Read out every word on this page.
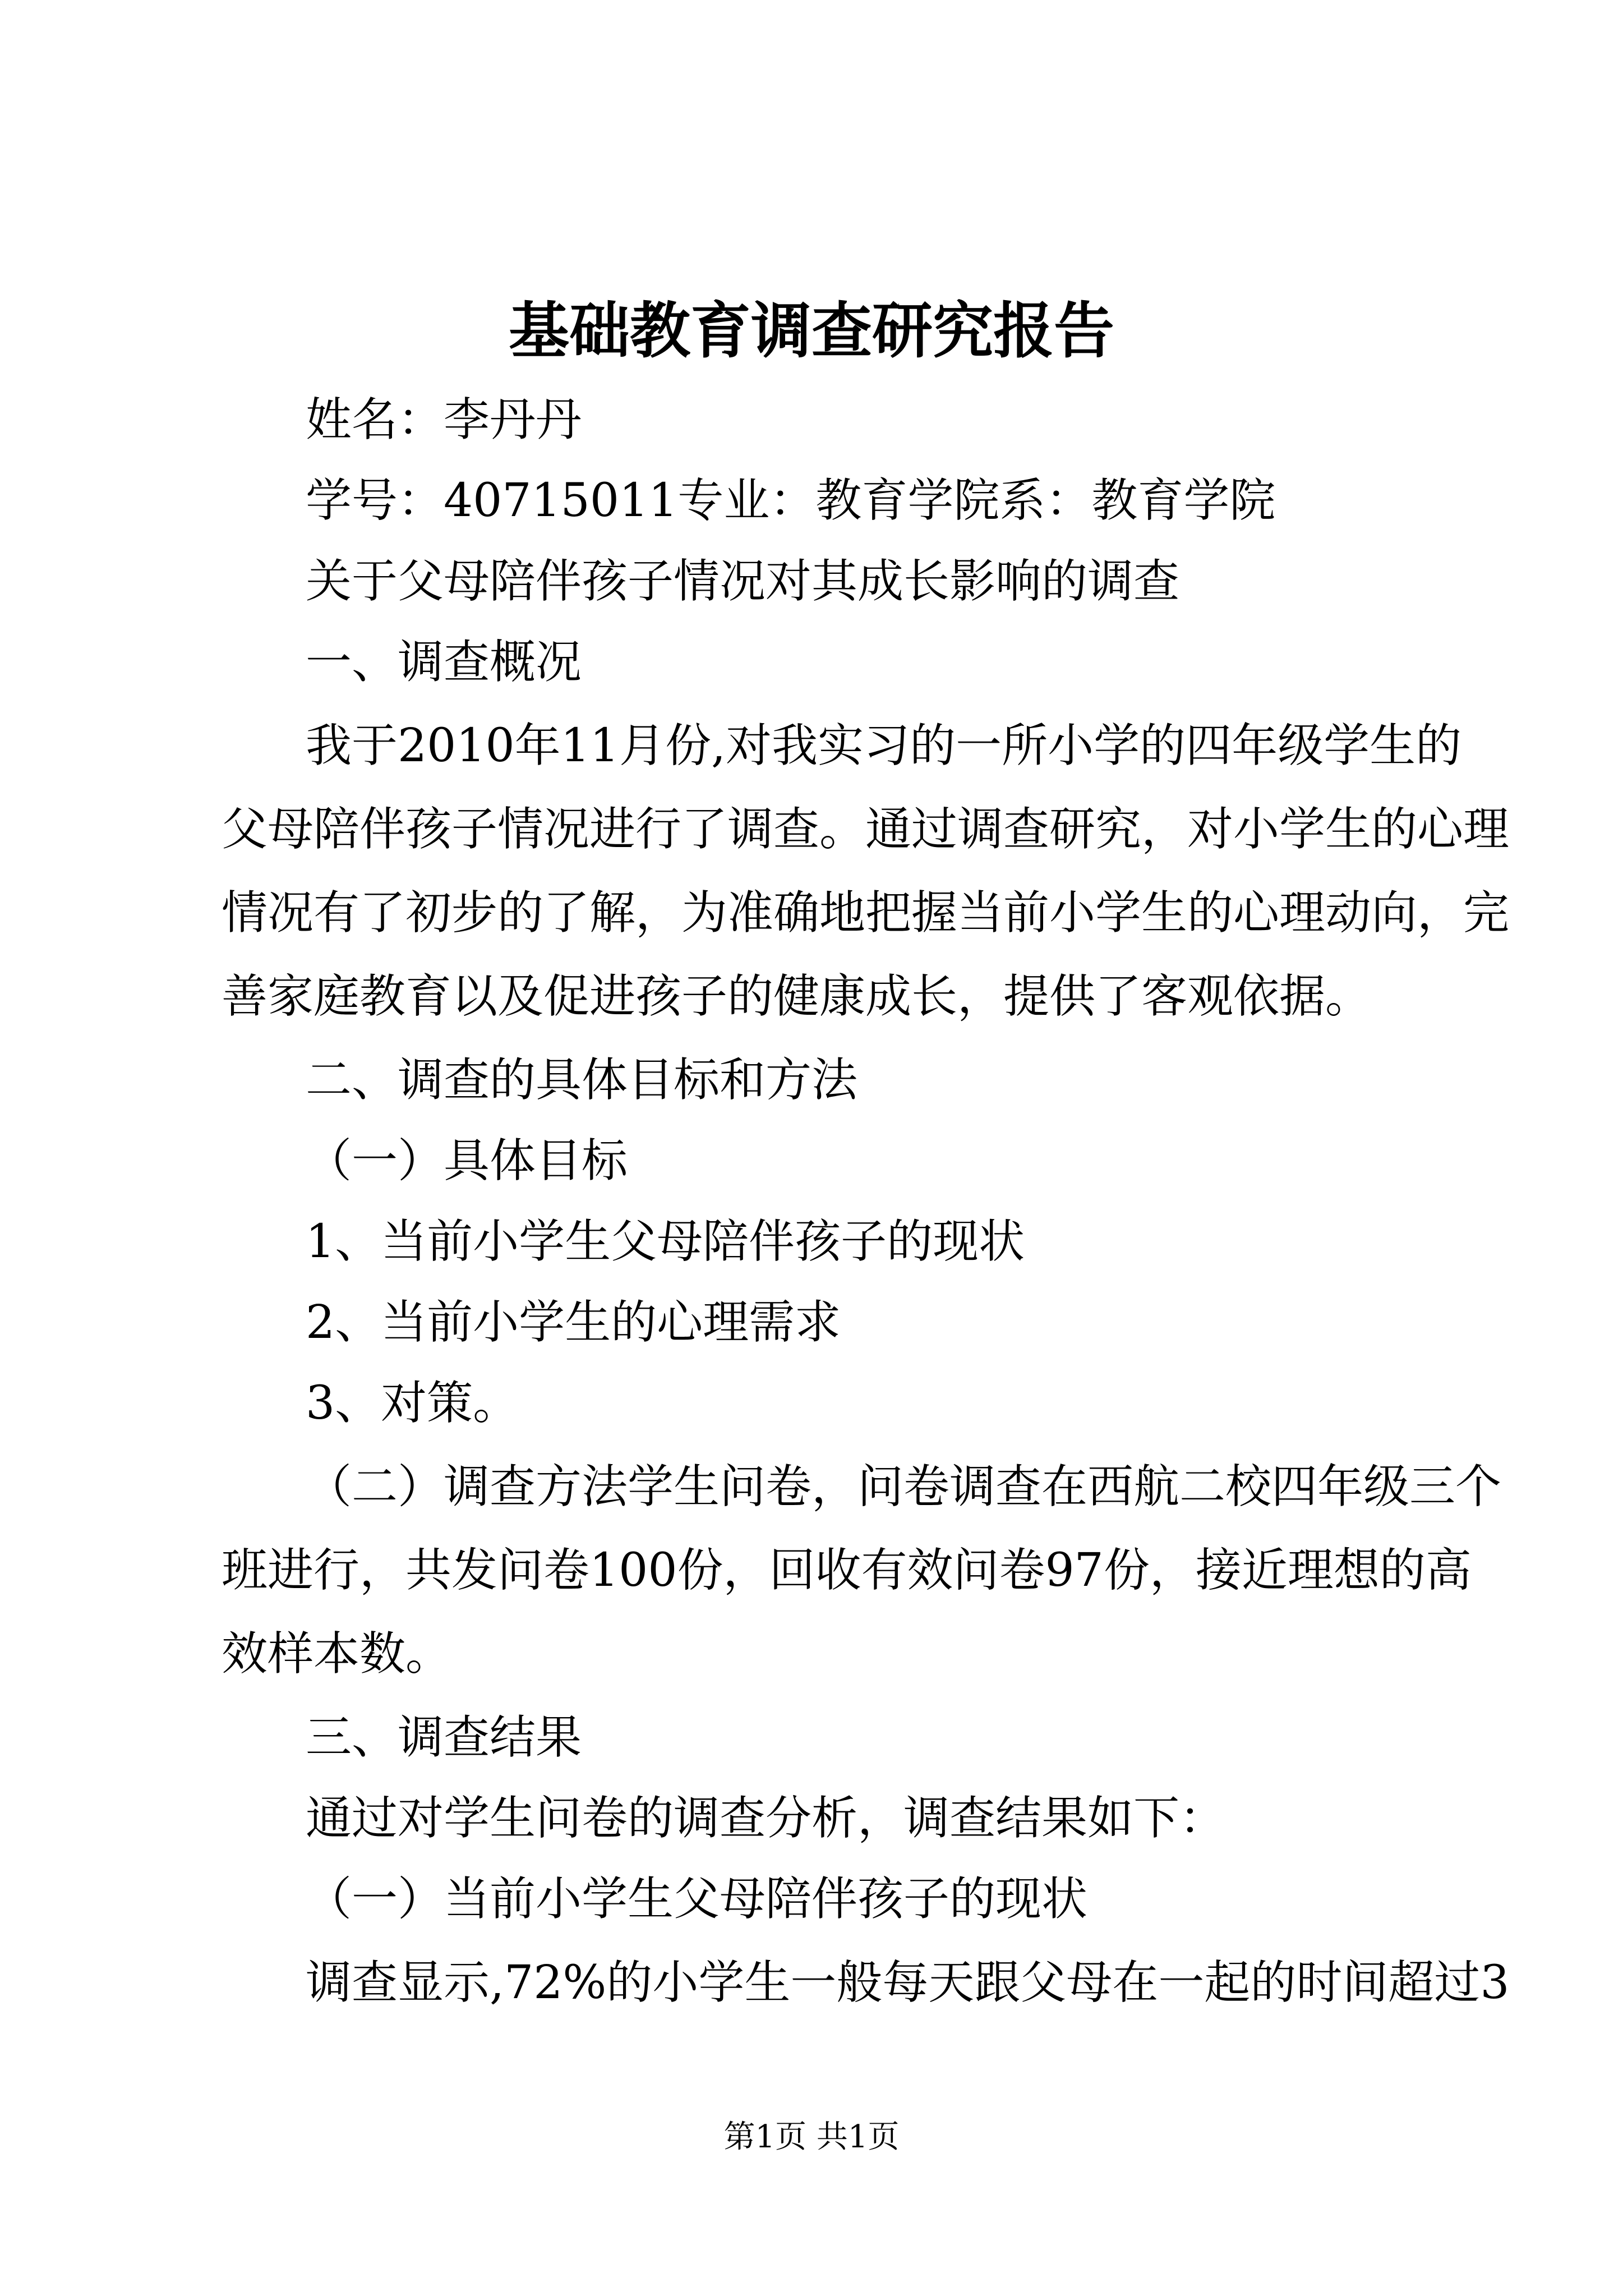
基础教育调查研究报告
姓名：李丹丹
学号：40715011专业：教育学院系：教育学院
关于父母陪伴孩子情况对其成长影响的调查
一、调查概况
我于2010年11月份,对我实习的一所小学的四年级学生的
父母陪伴孩子情况进行了调查。通过调查研究，对小学生的心理
情况有了初步的了解，为准确地把握当前小学生的心理动向，完
善家庭教育以及促进孩子的健康成长，提供了客观依据。
二、调查的具体目标和方法
（一）具体目标
1、当前小学生父母陪伴孩子的现状
2、当前小学生的心理需求
3、对策。
（二）调查方法学生问卷，问卷调查在西航二校四年级三个
班进行，共发问卷100份，回收有效问卷97份，接近理想的高
效样本数。
三、调查结果
通过对学生问卷的调查分析，调查结果如下：
（一）当前小学生父母陪伴孩子的现状
调查显示,72%的小学生一般每天跟父母在一起的时间超过3
第1页 共1页
